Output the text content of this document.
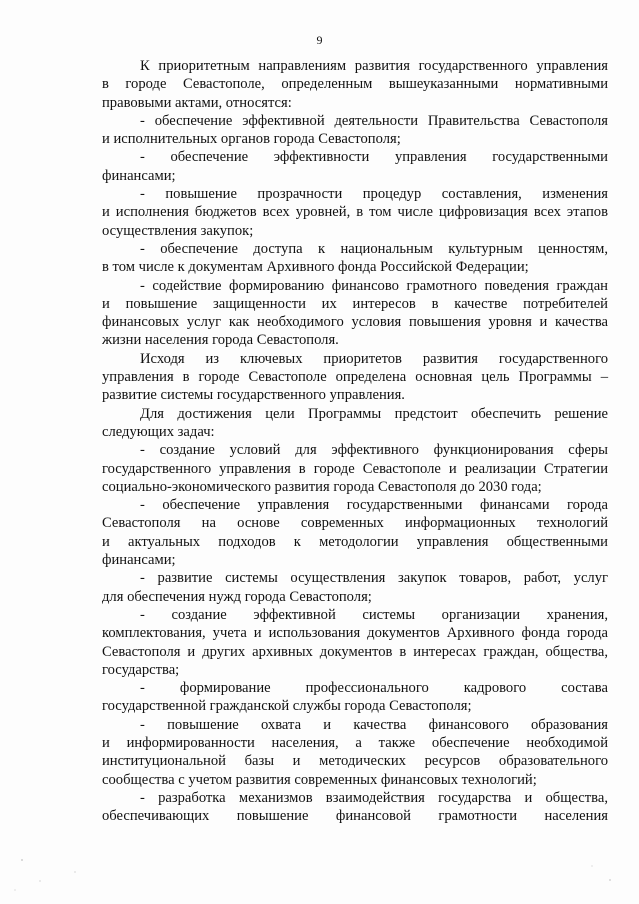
9
К приоритетным направлениям развития государственного управления
в городе Севастополе, определенным вышеуказанными нормативными
правовыми актами, относятся:
- обеспечение эффективной деятельности Правительства Севастополя
и исполнительных органов города Севастополя;
- обеспечение эффективности управления государственными
финансами;
- повышение прозрачности процедур составления, изменения
и исполнения бюджетов всех уровней, в том числе цифровизация всех этапов
осуществления закупок;
- обеспечение доступа к национальным культурным ценностям,
в том числе к документам Архивного фонда Российской Федерации;
- содействие формированию финансово грамотного поведения граждан
и повышение защищенности их интересов в качестве потребителей
финансовых услуг как необходимого условия повышения уровня и качества
жизни населения города Севастополя.
Исходя из ключевых приоритетов развития государственного
управления в городе Севастополе определена основная цель Программы –
развитие системы государственного управления.
Для достижения цели Программы предстоит обеспечить решение
следующих задач:
- создание условий для эффективного функционирования сферы
государственного управления в городе Севастополе и реализации Стратегии
социально-экономического развития города Севастополя до 2030 года;
- обеспечение управления государственными финансами города
Севастополя на основе современных информационных технологий
и актуальных подходов к методологии управления общественными
финансами;
- развитие системы осуществления закупок товаров, работ, услуг
для обеспечения нужд города Севастополя;
- создание эффективной системы организации хранения,
комплектования, учета и использования документов Архивного фонда города
Севастополя и других архивных документов в интересах граждан, общества,
государства;
- формирование профессионального кадрового состава
государственной гражданской службы города Севастополя;
- повышение охвата и качества финансового образования
и информированности населения, а также обеспечение необходимой
институциональной базы и методических ресурсов образовательного
сообщества с учетом развития современных финансовых технологий;
- разработка механизмов взаимодействия государства и общества,
обеспечивающих повышение финансовой грамотности населения
